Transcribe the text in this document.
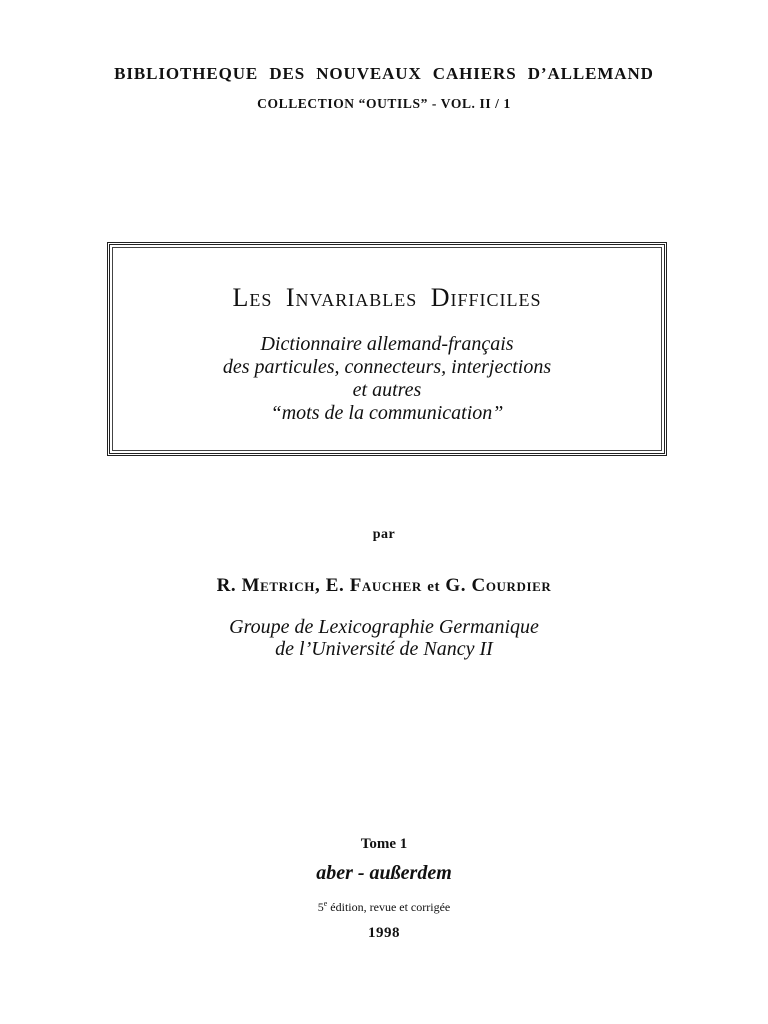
BIBLIOTHEQUE DES NOUVEAUX CAHIERS D’ALLEMAND
COLLECTION “OUTILS” - VOL. II / 1
Les Invariables Difficiles
Dictionnaire allemand-français
des particules, connecteurs, interjections
et autres
“mots de la communication”
par
R. Metrich, E. Faucher et G. Courdier
Groupe de Lexicographie Germanique
de l’Université de Nancy II
Tome 1
aber - außerdem
5e édition, revue et corrigée
1998
